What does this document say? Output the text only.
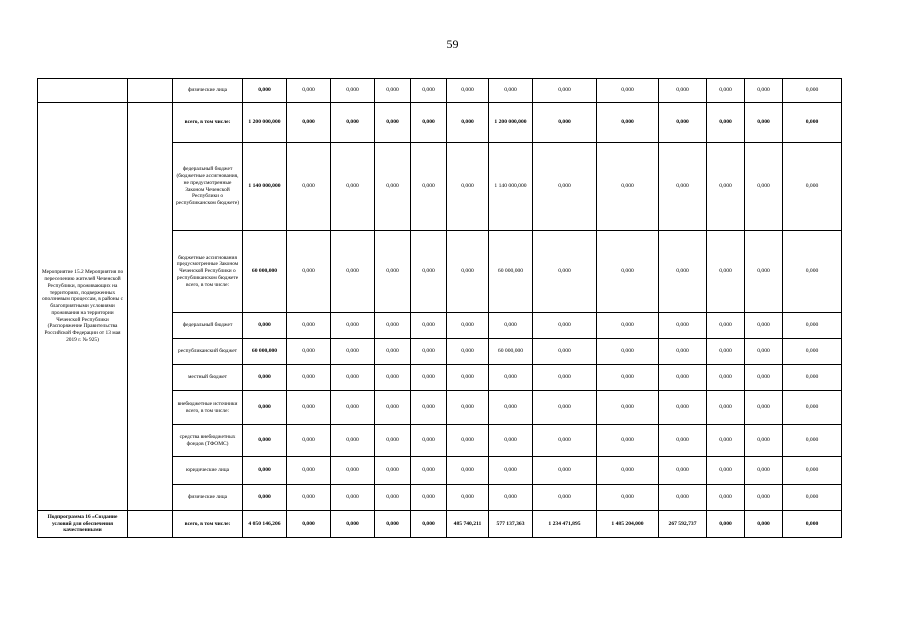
59
		физические лица	0,000	0,000	0,000	0,000	0,000	0,000	0,000	0,000	0,000	0,000	0,000	0,000	0,000
Мероприятие 15.2 Мероприятия по переселению жителей Чеченской Республики, проживающих на территориях, подверженных оползневым процессам, в районы с благоприятными условиями проживания на территории Чеченской Республики (Распоряжение Правительства Российской Федерации от 13 мая 2019 г. № 925)		всего, в том числе:	1 200 000,000	0,000	0,000	0,000	0,000	0,000	1 200 000,000	0,000	0,000	0,000	0,000	0,000	0,000
		федеральный бюджет (бюджетные ассигнования, не предусмотренные Законом Чеченской Республики о республиканском бюджете)	1 140 000,000	0,000	0,000	0,000	0,000	0,000	1 140 000,000	0,000	0,000	0,000	0,000	0,000	0,000
		бюджетные ассигнования предусмотренные Законом Чеченской Республики о республиканском бюджете всего, в том числе:	60 000,000	0,000	0,000	0,000	0,000	0,000	60 000,000	0,000	0,000	0,000	0,000	0,000	0,000
		федеральный бюджет	0,000	0,000	0,000	0,000	0,000	0,000	0,000	0,000	0,000	0,000	0,000	0,000	0,000
		республиканский бюджет	60 000,000	0,000	0,000	0,000	0,000	0,000	60 000,000	0,000	0,000	0,000	0,000	0,000	0,000
		местный бюджет	0,000	0,000	0,000	0,000	0,000	0,000	0,000	0,000	0,000	0,000	0,000	0,000	0,000
		внебюджетные источники всего, в том числе:	0,000	0,000	0,000	0,000	0,000	0,000	0,000	0,000	0,000	0,000	0,000	0,000	0,000
		средства внебюджетных фондов (ТФОМС)	0,000	0,000	0,000	0,000	0,000	0,000	0,000	0,000	0,000	0,000	0,000	0,000	0,000
		юридические лица	0,000	0,000	0,000	0,000	0,000	0,000	0,000	0,000	0,000	0,000	0,000	0,000	0,000
		физические лица	0,000	0,000	0,000	0,000	0,000	0,000	0,000	0,000	0,000	0,000	0,000	0,000	0,000
Подпрограмма 16 «Создание условий для обеспечения качественными		всего, в том числе:	4 050 146,206	0,000	0,000	0,000	0,000	485 740,211	577 137,363	1 234 471,895	1 485 204,000	267 592,737	0,000	0,000	0,000
